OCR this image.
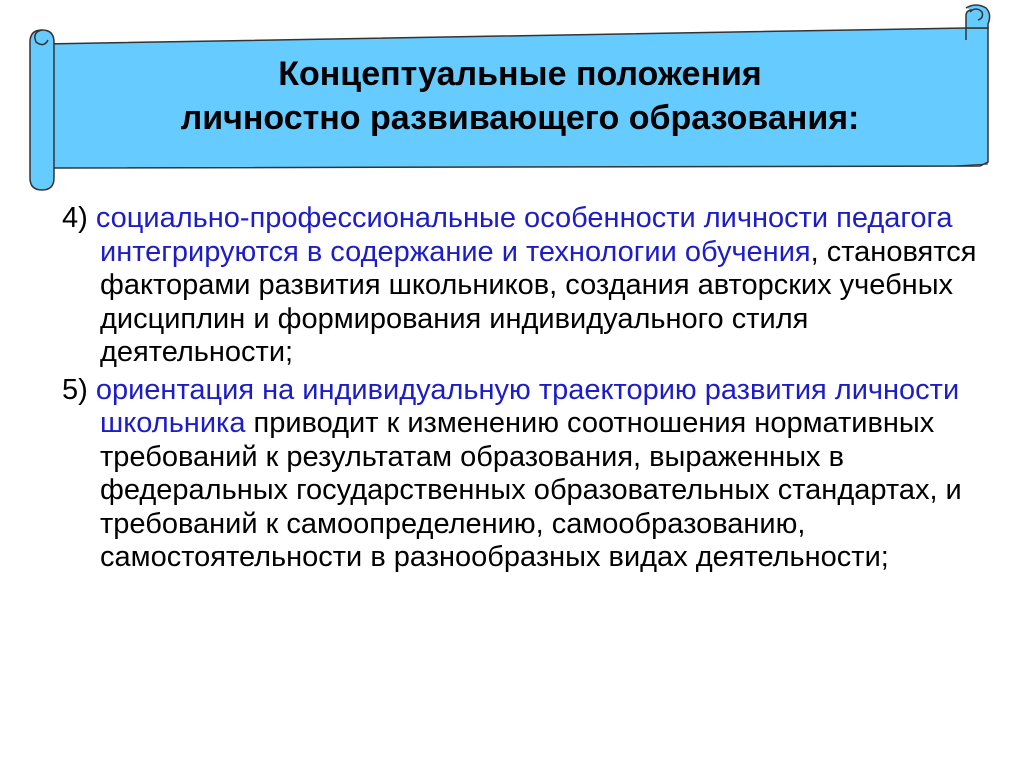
Концептуальные положения
личностно развивающего образования:
4) социально-профессиональные особенности личности педагога интегрируются в содержание и технологии обучения, становятся факторами развития школьников, создания авторских учебных дисциплин и формирования индивидуального стиля деятельности;
5) ориентация на индивидуальную траекторию развития личности школьника приводит к изменению соотношения нормативных требований к результатам образования, выраженных в федеральных государственных образовательных стандартах, и требований к самоопределению, самообразованию, самостоятельности в разнообразных видах деятельности;
